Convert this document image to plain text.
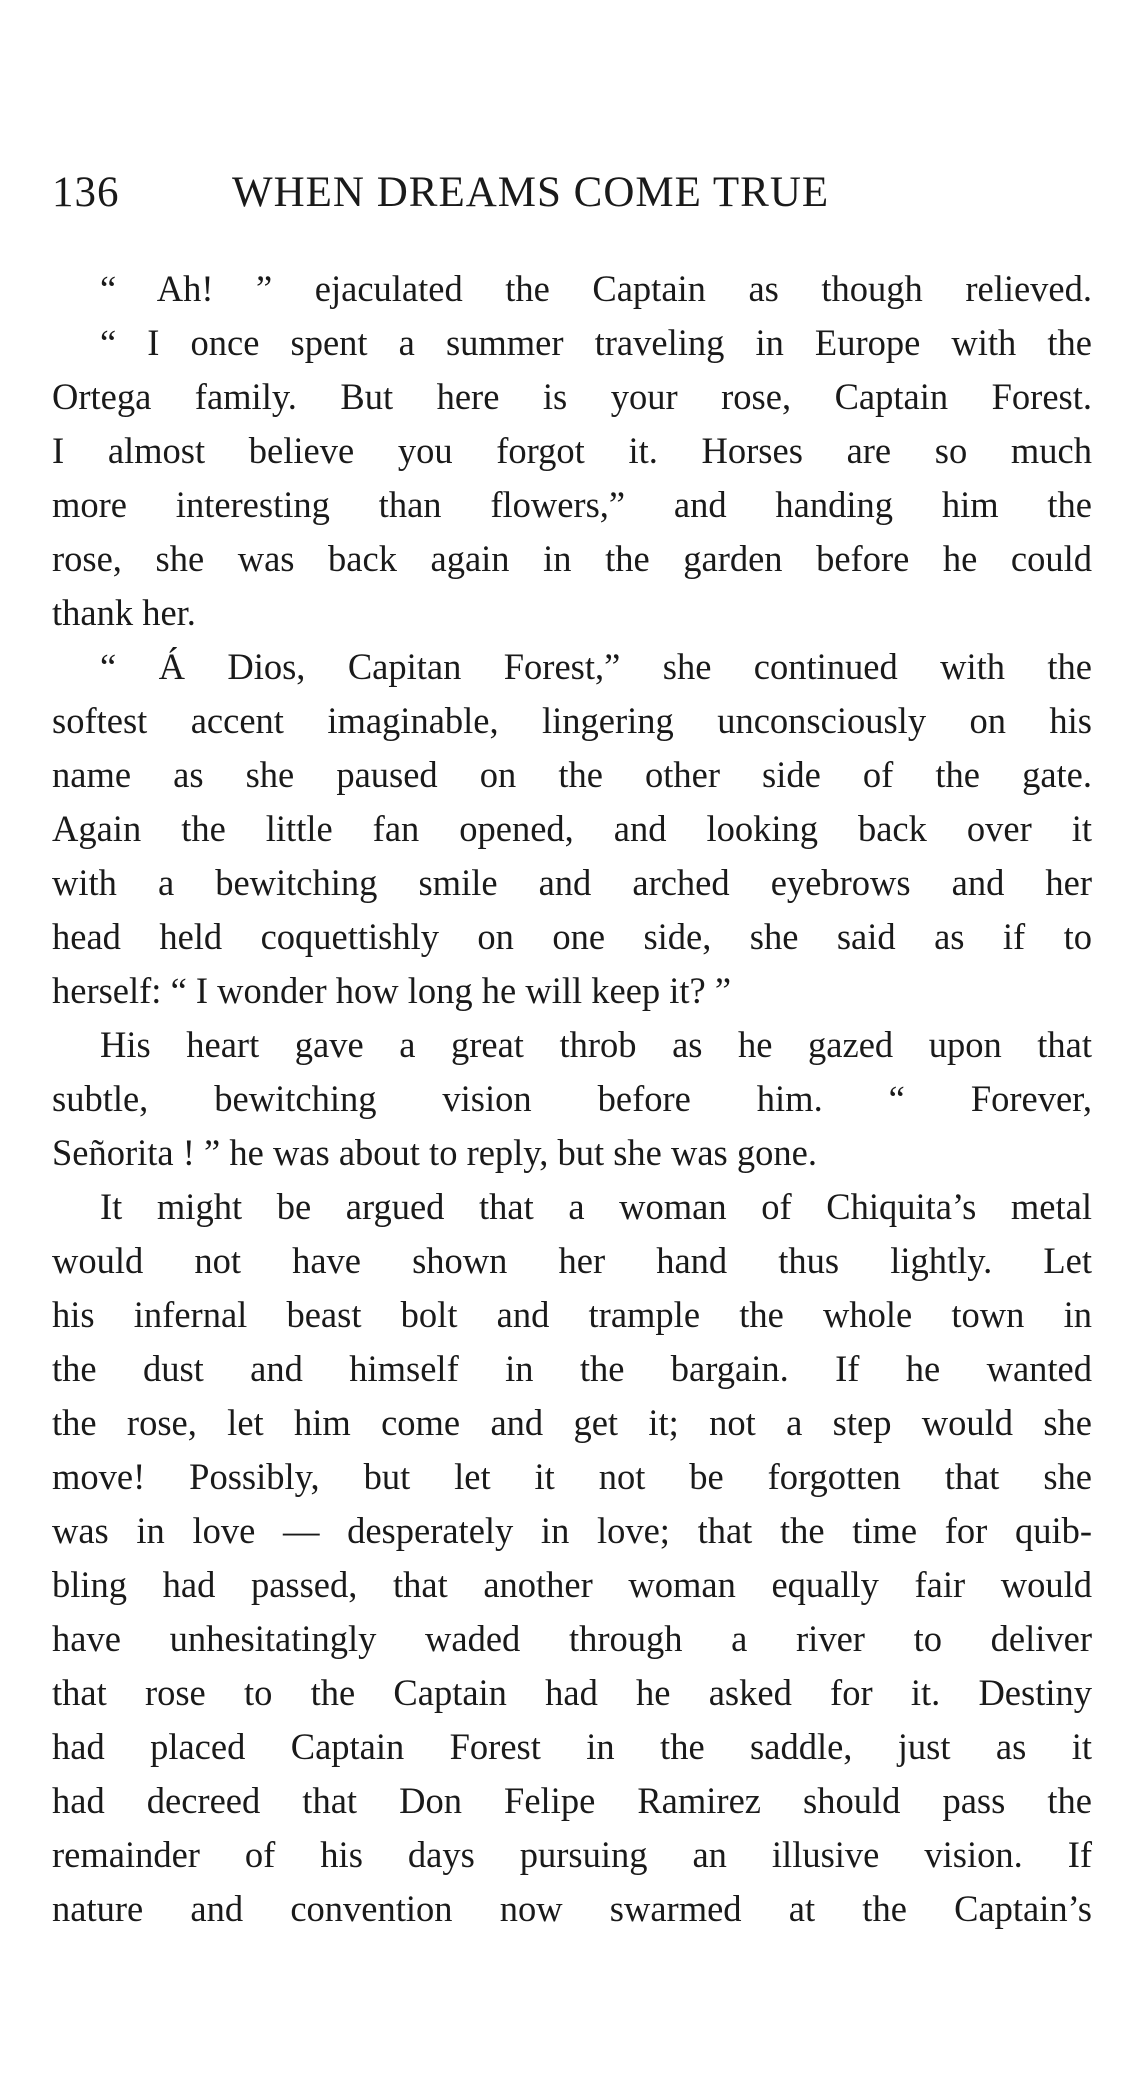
136	WHEN DREAMS COME TRUE
“ Ah! ” ejaculated the Captain as though relieved.
“ I once spent a summer traveling in Europe with the
Ortega family. But here is your rose, Captain Forest.
I almost believe you forgot it. Horses are so much
more interesting than flowers,” and handing him the
rose, she was back again in the garden before he could
thank her.
“ Á Dios, Capitan Forest,” she continued with the
softest accent imaginable, lingering unconsciously on his
name as she paused on the other side of the gate.
Again the little fan opened, and looking back over it
with a bewitching smile and arched eyebrows and her
head held coquettishly on one side, she said as if to
herself: “ I wonder how long he will keep it? ”
His heart gave a great throb as he gazed upon that
subtle, bewitching vision before him. “ Forever,
Señorita ! ” he was about to reply, but she was gone.
It might be argued that a woman of Chiquita’s metal
would not have shown her hand thus lightly. Let
his infernal beast bolt and trample the whole town in
the dust and himself in the bargain. If he wanted
the rose, let him come and get it; not a step would she
move! Possibly, but let it not be forgotten that she
was in love — desperately in love; that the time for quib-
bling had passed, that another woman equally fair would
have unhesitatingly waded through a river to deliver
that rose to the Captain had he asked for it. Destiny
had placed Captain Forest in the saddle, just as it
had decreed that Don Felipe Ramirez should pass the
remainder of his days pursuing an illusive vision. If
nature and convention now swarmed at the Captain’s
